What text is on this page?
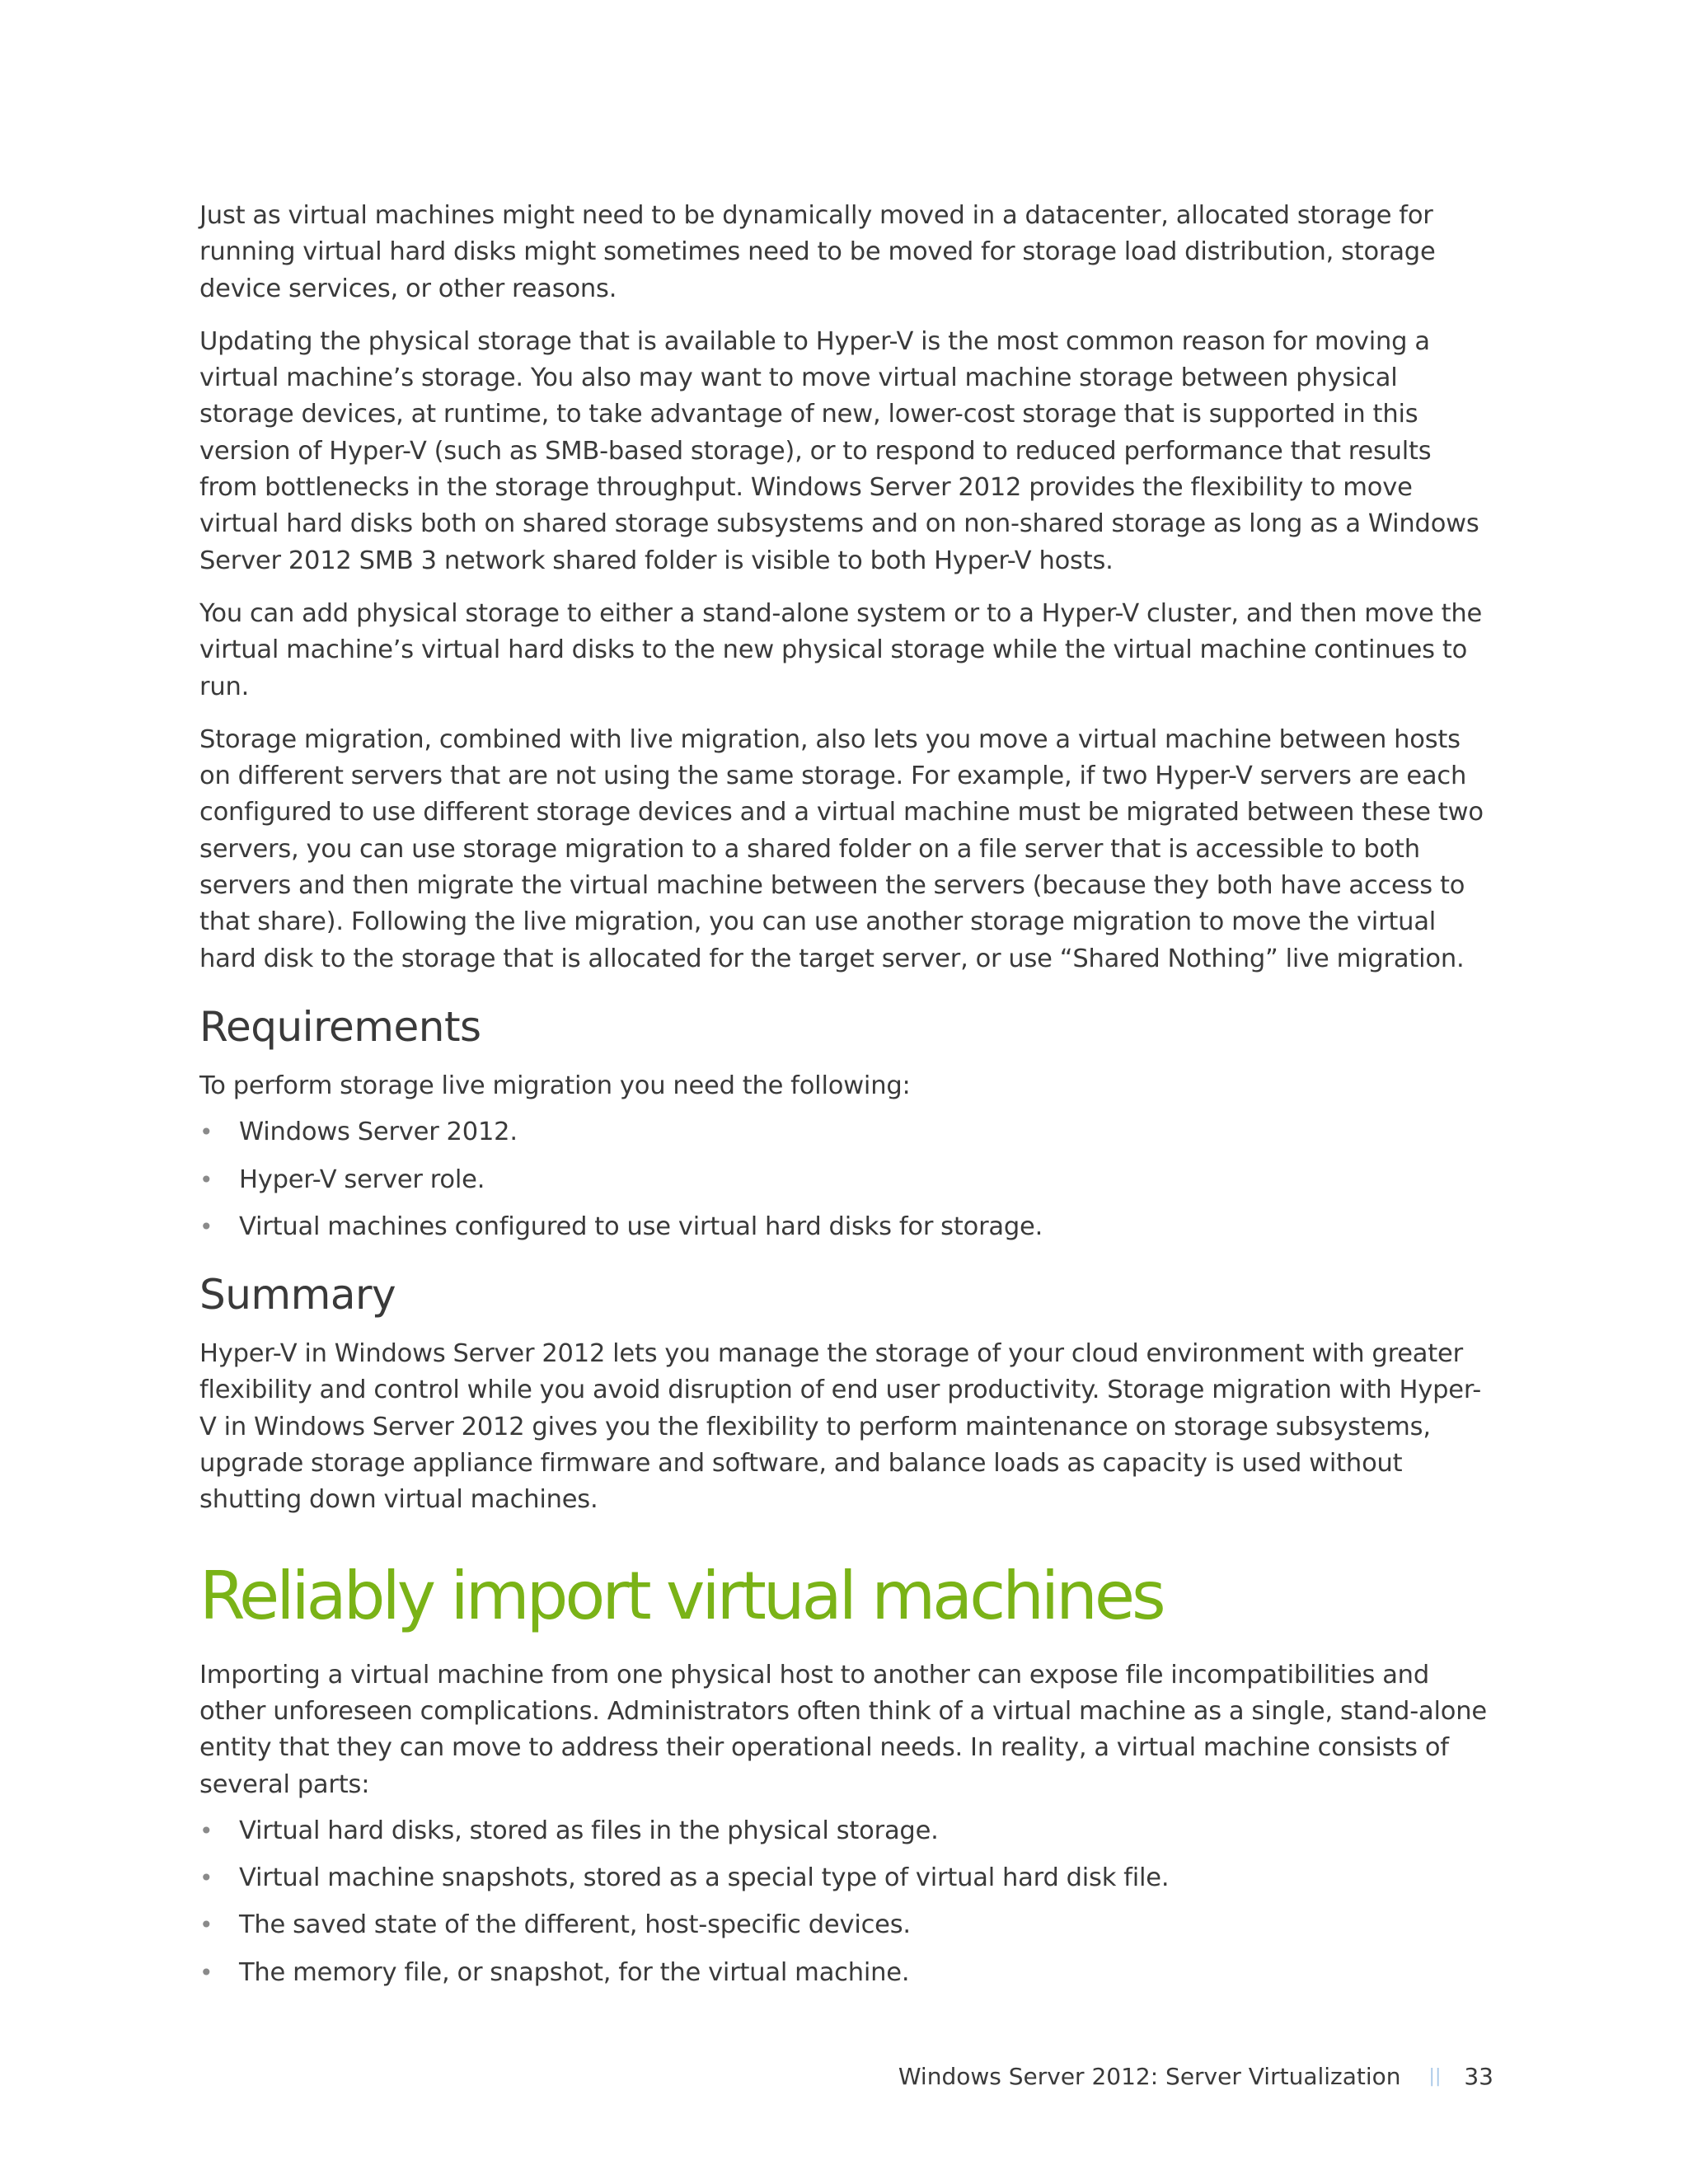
Just as virtual machines might need to be dynamically moved in a datacenter, allocated storage for running virtual hard disks might sometimes need to be moved for storage load distribution, storage device services, or other reasons.

Updating the physical storage that is available to Hyper-V is the most common reason for moving a virtual machine’s storage. You also may want to move virtual machine storage between physical storage devices, at runtime, to take advantage of new, lower-cost storage that is supported in this version of Hyper-V (such as SMB-based storage), or to respond to reduced performance that results from bottlenecks in the storage throughput. Windows Server 2012 provides the flexibility to move virtual hard disks both on shared storage subsystems and on non-shared storage as long as a Windows Server 2012 SMB 3 network shared folder is visible to both Hyper-V hosts.

You can add physical storage to either a stand-alone system or to a Hyper-V cluster, and then move the virtual machine’s virtual hard disks to the new physical storage while the virtual machine continues to run.

Storage migration, combined with live migration, also lets you move a virtual machine between hosts on different servers that are not using the same storage. For example, if two Hyper-V servers are each configured to use different storage devices and a virtual machine must be migrated between these two servers, you can use storage migration to a shared folder on a file server that is accessible to both servers and then migrate the virtual machine between the servers (because they both have access to that share). Following the live migration, you can use another storage migration to move the virtual hard disk to the storage that is allocated for the target server, or use “Shared Nothing” live migration.

Requirements

To perform storage live migration you need the following:

• Windows Server 2012.
• Hyper-V server role.
• Virtual machines configured to use virtual hard disks for storage.
Summary

Hyper-V in Windows Server 2012 lets you manage the storage of your cloud environment with greater flexibility and control while you avoid disruption of end user productivity. Storage migration with Hyper-V in Windows Server 2012 gives you the flexibility to perform maintenance on storage subsystems, upgrade storage appliance firmware and software, and balance loads as capacity is used without shutting down virtual machines.

Reliably import virtual machines

Importing a virtual machine from one physical host to another can expose file incompatibilities and other unforeseen complications. Administrators often think of a virtual machine as a single, stand-alone entity that they can move to address their operational needs. In reality, a virtual machine consists of several parts:

• Virtual hard disks, stored as files in the physical storage.
• Virtual machine snapshots, stored as a special type of virtual hard disk file.
• The saved state of the different, host-specific devices.
• The memory file, or snapshot, for the virtual machine.
Windows Server 2012: Server Virtualization || 33
